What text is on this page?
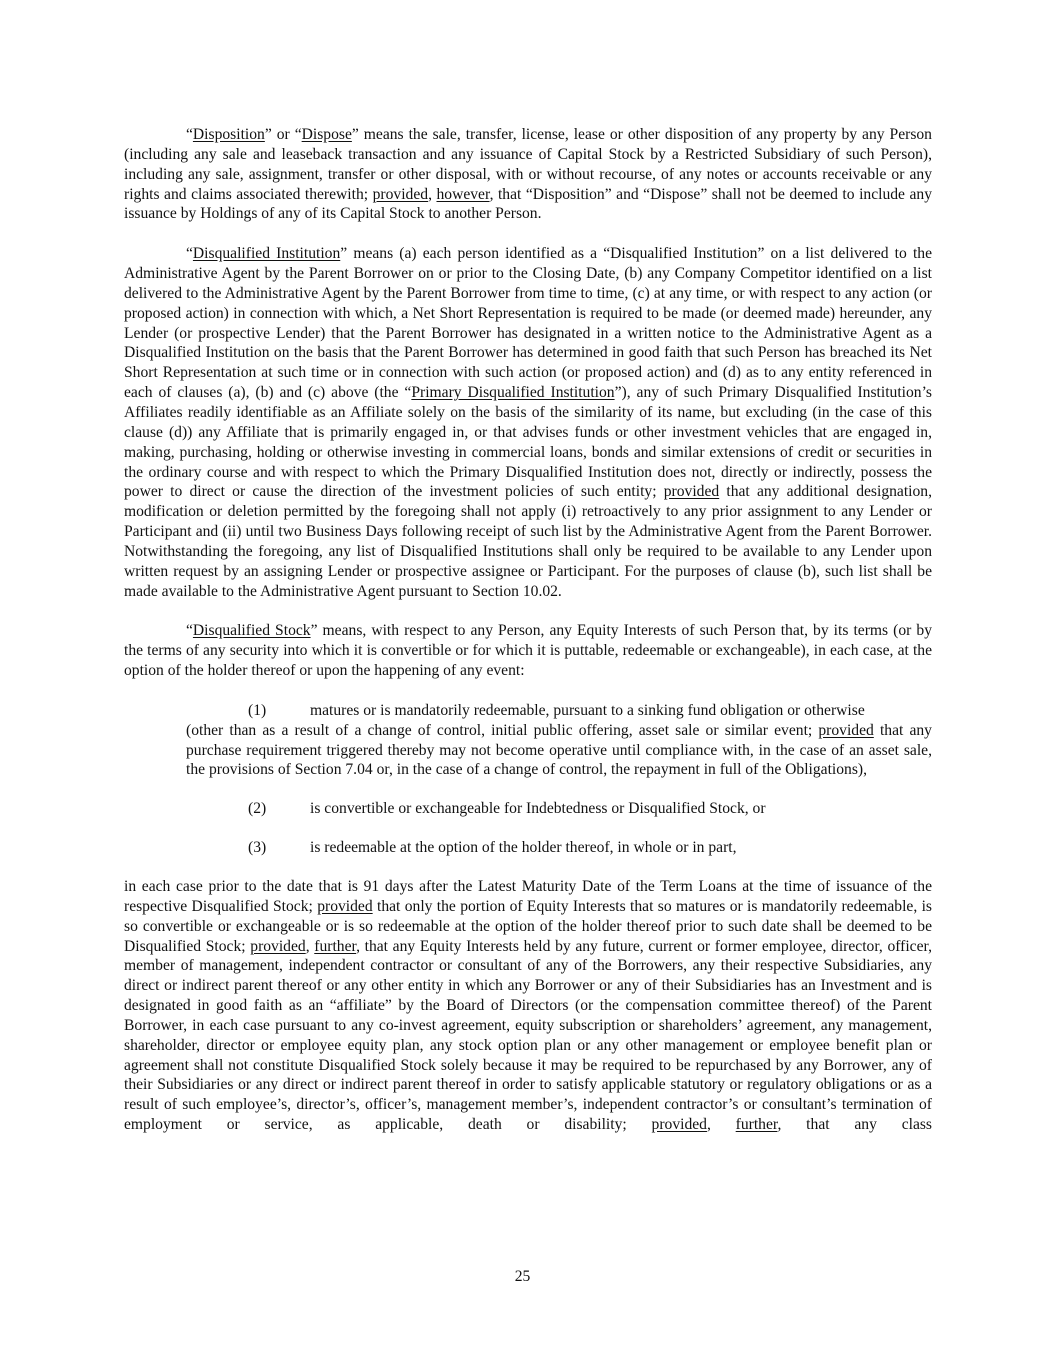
“Disposition” or “Dispose” means the sale, transfer, license, lease or other disposition of any property by any Person (including any sale and leaseback transaction and any issuance of Capital Stock by a Restricted Subsidiary of such Person), including any sale, assignment, transfer or other disposal, with or without recourse, of any notes or accounts receivable or any rights and claims associated therewith; provided, however, that “Disposition” and “Dispose” shall not be deemed to include any issuance by Holdings of any of its Capital Stock to another Person.

“Disqualified Institution” means (a) each person identified as a “Disqualified Institution” on a list delivered to the Administrative Agent by the Parent Borrower on or prior to the Closing Date, (b) any Company Competitor identified on a list delivered to the Administrative Agent by the Parent Borrower from time to time, (c) at any time, or with respect to any action (or proposed action) in connection with which, a Net Short Representation is required to be made (or deemed made) hereunder, any Lender (or prospective Lender) that the Parent Borrower has designated in a written notice to the Administrative Agent as a Disqualified Institution on the basis that the Parent Borrower has determined in good faith that such Person has breached its Net Short Representation at such time or in connection with such action (or proposed action) and (d) as to any entity referenced in each of clauses (a), (b) and (c) above (the “Primary Disqualified Institution”), any of such Primary Disqualified Institution’s Affiliates readily identifiable as an Affiliate solely on the basis of the similarity of its name, but excluding (in the case of this clause (d)) any Affiliate that is primarily engaged in, or that advises funds or other investment vehicles that are engaged in, making, purchasing, holding or otherwise investing in commercial loans, bonds and similar extensions of credit or securities in the ordinary course and with respect to which the Primary Disqualified Institution does not, directly or indirectly, possess the power to direct or cause the direction of the investment policies of such entity; provided that any additional designation, modification or deletion permitted by the foregoing shall not apply (i) retroactively to any prior assignment to any Lender or Participant and (ii) until two Business Days following receipt of such list by the Administrative Agent from the Parent Borrower. Notwithstanding the foregoing, any list of Disqualified Institutions shall only be required to be available to any Lender upon written request by an assigning Lender or prospective assignee or Participant. For the purposes of clause (b), such list shall be made available to the Administrative Agent pursuant to Section 10.02.

“Disqualified Stock” means, with respect to any Person, any Equity Interests of such Person that, by its terms (or by the terms of any security into which it is convertible or for which it is puttable, redeemable or exchangeable), in each case, at the option of the holder thereof or upon the happening of any event:

(1)	matures or is mandatorily redeemable, pursuant to a sinking fund obligation or otherwise

(other than as a result of a change of control, initial public offering, asset sale or similar event; provided that any purchase requirement triggered thereby may not become operative until compliance with, in the case of an asset sale, the provisions of Section 7.04 or, in the case of a change of control, the repayment in full of the Obligations),

(2)	is convertible or exchangeable for Indebtedness or Disqualified Stock, or

(3)	is redeemable at the option of the holder thereof, in whole or in part,

in each case prior to the date that is 91 days after the Latest Maturity Date of the Term Loans at the time of issuance of the respective Disqualified Stock; provided that only the portion of Equity Interests that so matures or is mandatorily redeemable, is so convertible or exchangeable or is so redeemable at the option of the holder thereof prior to such date shall be deemed to be Disqualified Stock; provided, further, that any Equity Interests held by any future, current or former employee, director, officer, member of management, independent contractor or consultant of any of the Borrowers, any their respective Subsidiaries, any direct or indirect parent thereof or any other entity in which any Borrower or any of their Subsidiaries has an Investment and is designated in good faith as an “affiliate” by the Board of Directors (or the compensation committee thereof) of the Parent Borrower, in each case pursuant to any co-invest agreement, equity subscription or shareholders’ agreement, any management, shareholder, director or employee equity plan, any stock option plan or any other management or employee benefit plan or agreement shall not constitute Disqualified Stock solely because it may be required to be repurchased by any Borrower, any of their Subsidiaries or any direct or indirect parent thereof in order to satisfy applicable statutory or regulatory obligations or as a result of such employee’s, director’s, officer’s, management member’s, independent contractor’s or consultant’s termination of employment or service, as applicable, death or disability; provided, further, that any class

25
